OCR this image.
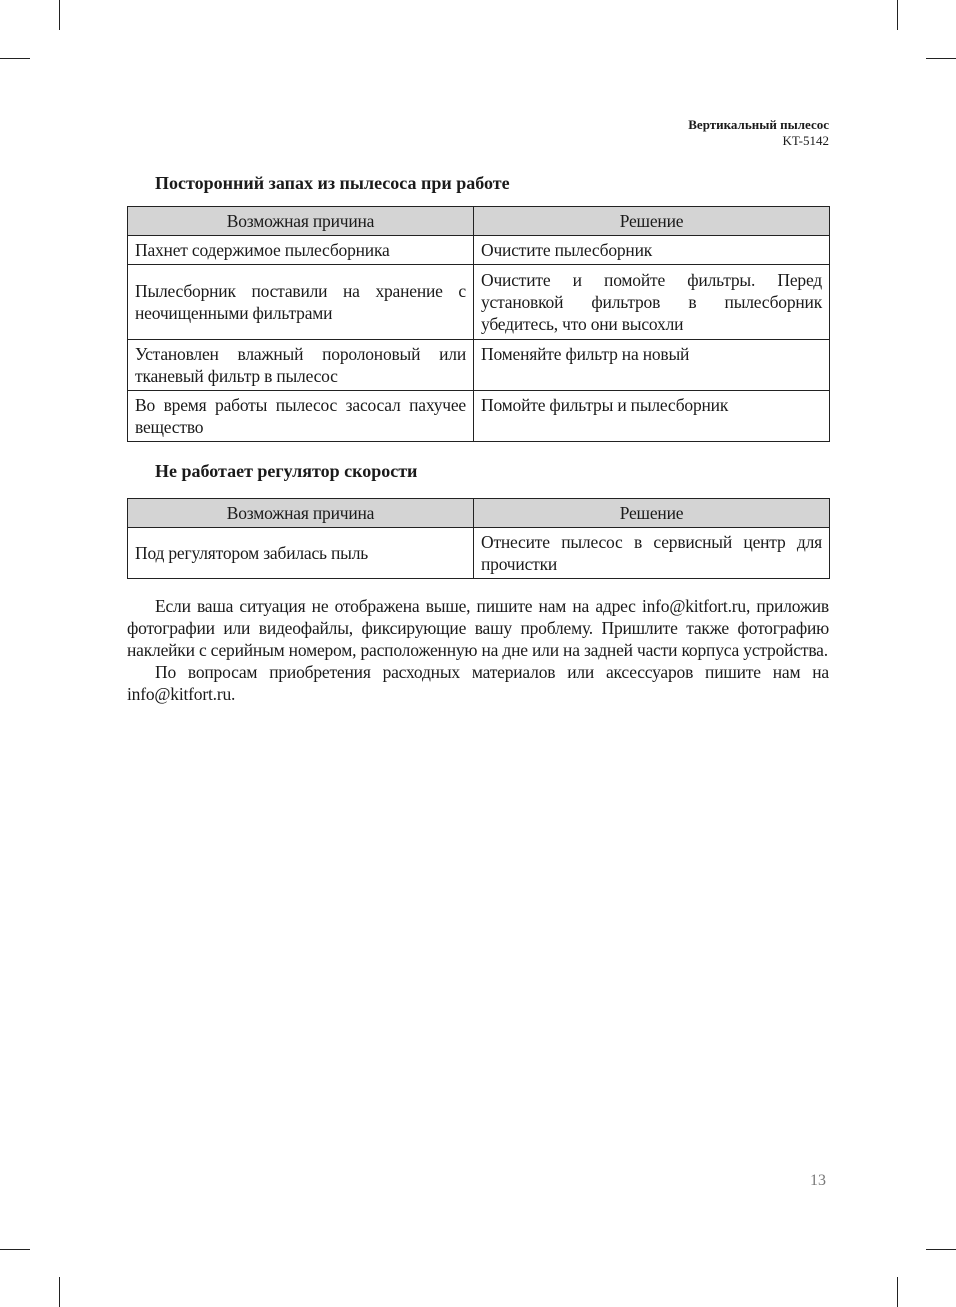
Вертикальный пылесос
KT-5142
Посторонний запах из пылесоса при работе
Возможная причина	Решение
Пахнет содержимое пылесборника	Очистите пылесборник
Пылесборник поставили на хранение с неочищенными фильтрами	Очистите и помойте фильтры. Перед установкой фильтров в пылесборник убедитесь, что они высохли
Установлен влажный поролоновый или тканевый фильтр в пылесос	Поменяйте фильтр на новый
Во время работы пылесос засосал пахучее вещество	Помойте фильтры и пылесборник
Не работает регулятор скорости
Возможная причина	Решение
Под регулятором забилась пыль	Отнесите пылесос в сервисный центр для прочистки

Если ваша ситуация не отображена выше, пишите нам на адрес info@kitfort.ru, приложив фотографии или видеофайлы, фиксирующие вашу проблему. Пришлите также фотографию наклейки с серийным номером, расположенную на дне или на задней части корпуса устройства.

По вопросам приобретения расходных материалов или аксессуаров пишите нам на info@kitfort.ru.

13
